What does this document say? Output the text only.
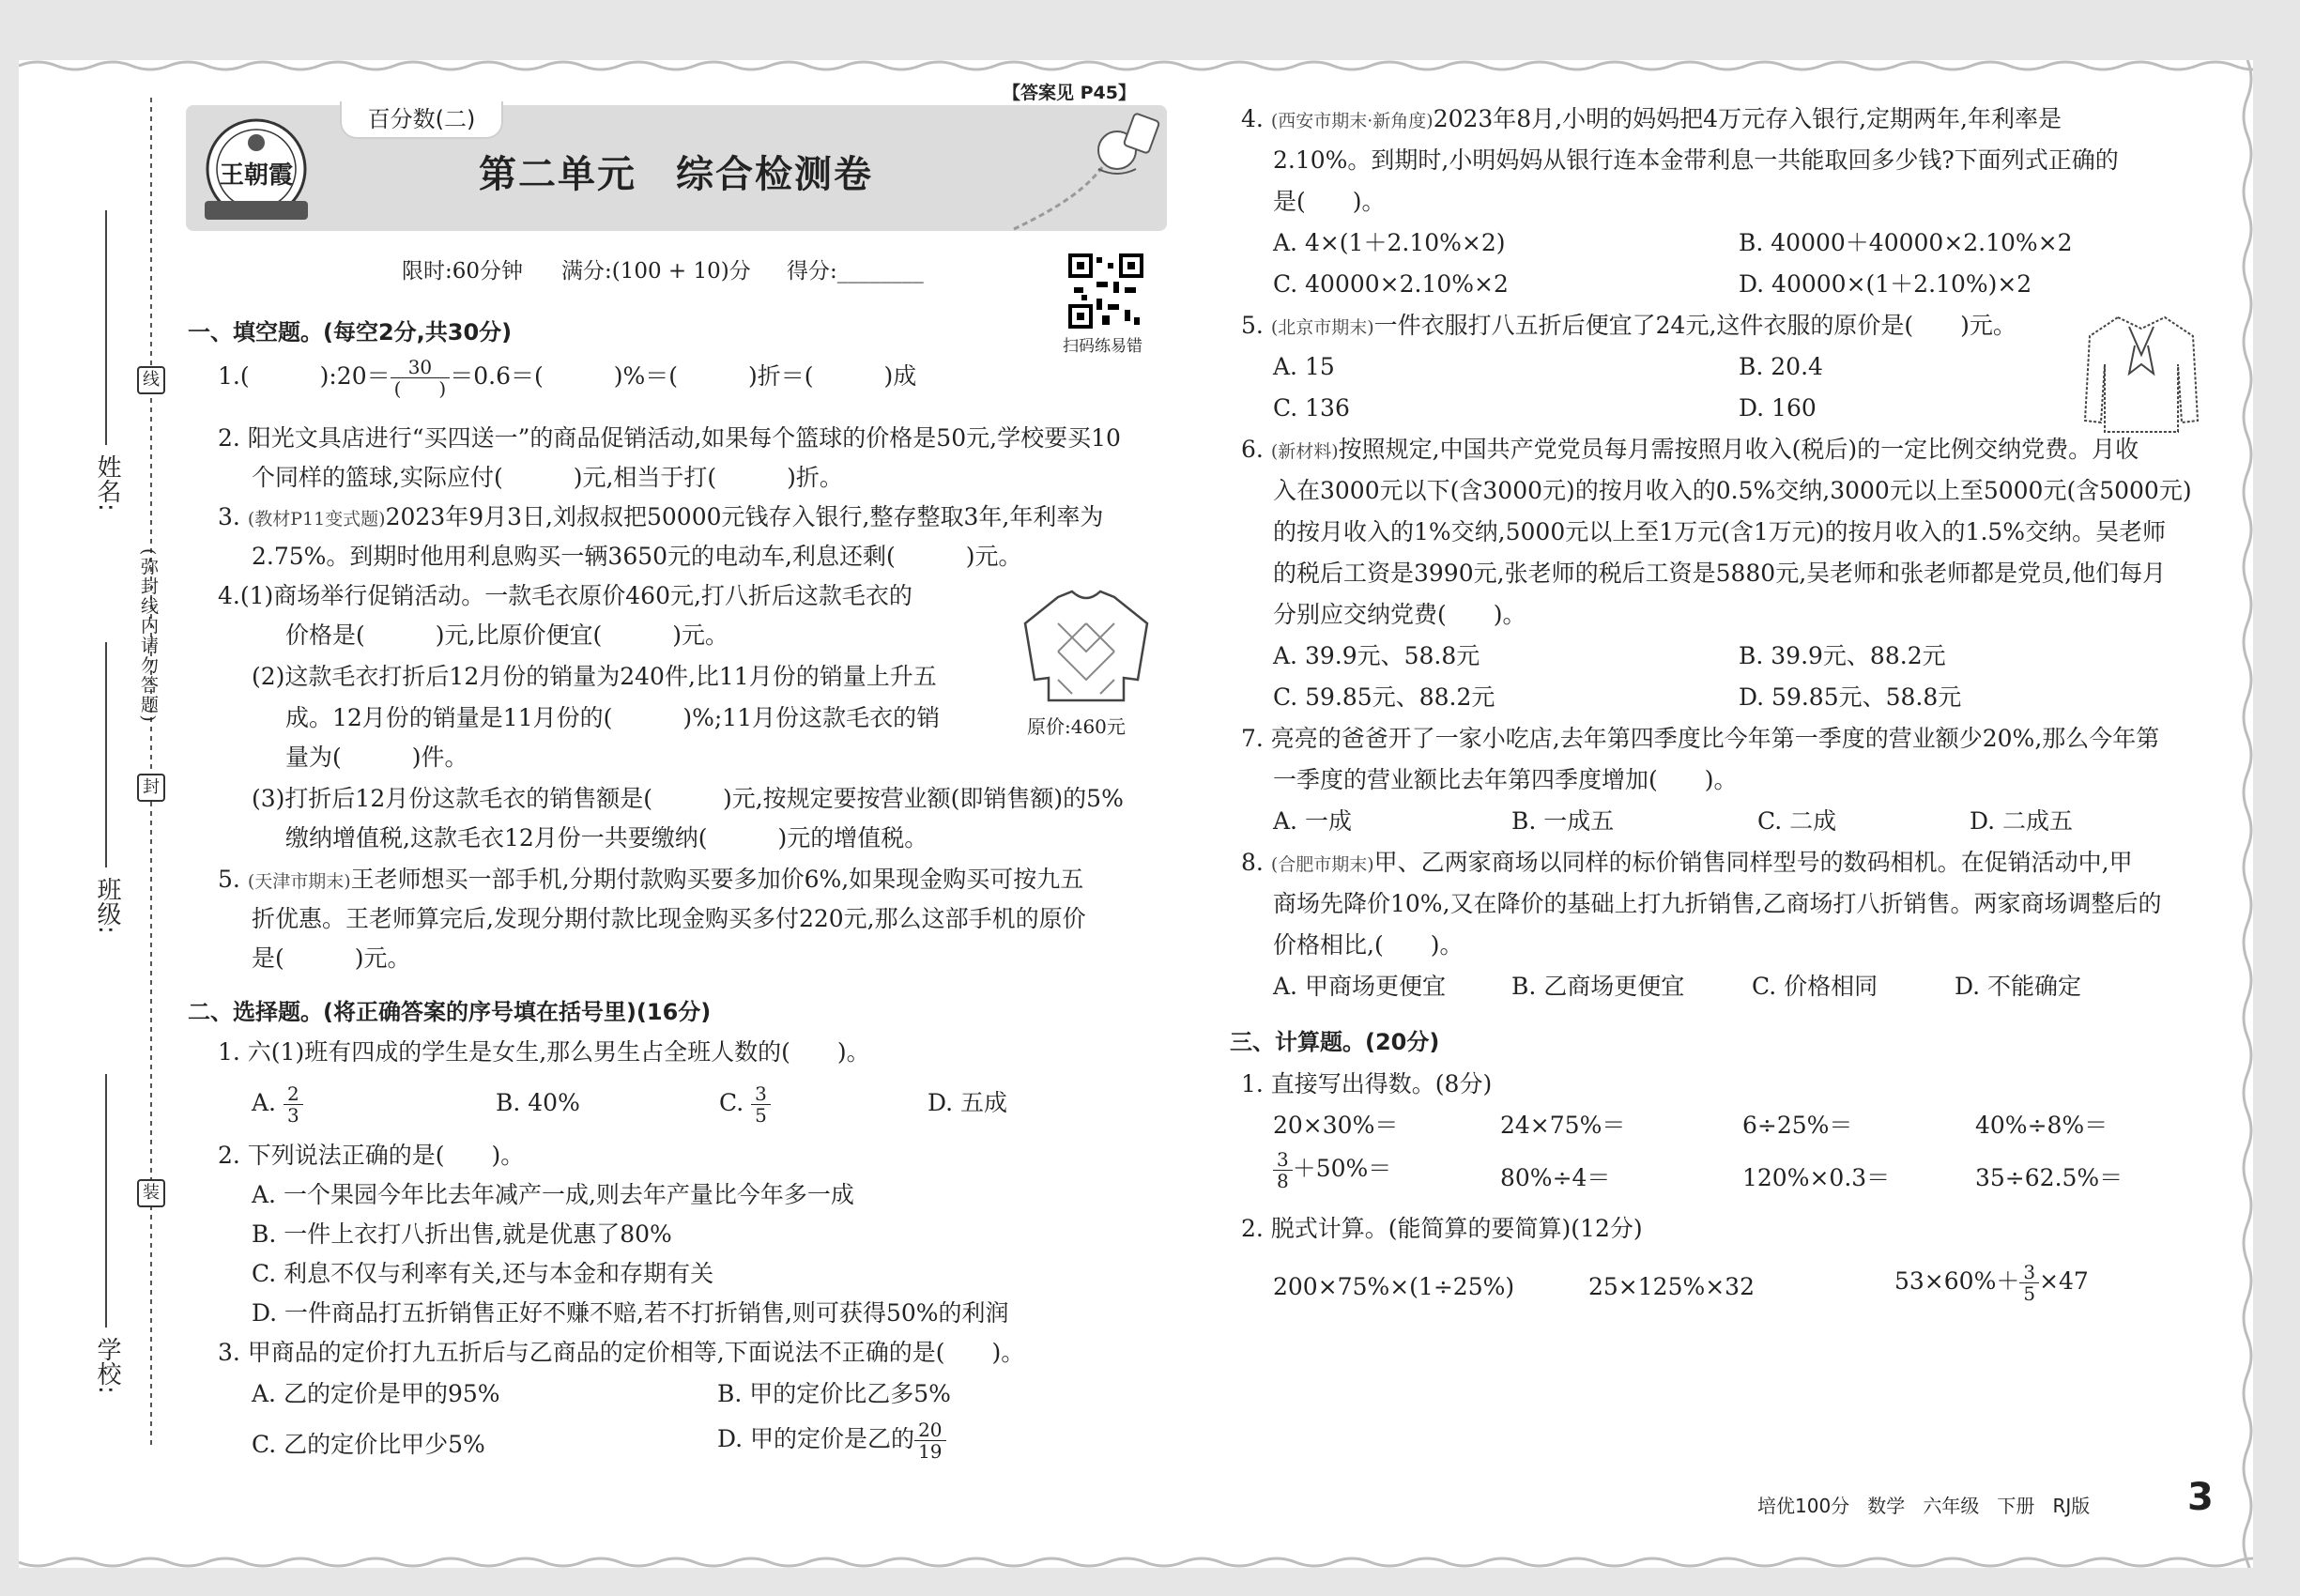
姓名:
班级:
学校:
线
(弥封线内请勿答题)
封
装
王朝霞
百分数(二)
第二单元　综合检测卷
【答案见 P45】
限时:60分钟 满分:(100 + 10)分 得分:________
扫码练易错
一、填空题。(每空2分,共30分)
1.(　　　):20＝ $\frac{30}{( )} =0.6=$(　　　)%＝(　　　)折＝(　　　)成
2. 阳光文具店进行“买四送一”的商品促销活动,如果每个篮球的价格是50元,学校要买10
个同样的篮球,实际应付(　　　)元,相当于打(　　　)折。
3. (教材P11变式题)2023年9月3日,刘叔叔把50000元钱存入银行,整存整取3年,年利率为
2.75%。到期时他用利息购买一辆3650元的电动车,利息还剩(　　　)元。
4.(1)商场举行促销活动。一款毛衣原价460元,打八折后这款毛衣的
价格是(　　　)元,比原价便宜(　　　)元。
(2)这款毛衣打折后12月份的销量为240件,比11月份的销量上升五
成。12月份的销量是11月份的(　　　)%;11月份这款毛衣的销
量为(　　　)件。
(3)打折后12月份这款毛衣的销售额是(　　　)元,按规定要按营业额(即销售额)的5%
缴纳增值税,这款毛衣12月份一共要缴纳(　　　)元的增值税。
原价:460元
5. (天津市期末)王老师想买一部手机,分期付款购买要多加价6%,如果现金购买可按九五
折优惠。王老师算完后,发现分期付款比现金购买多付220元,那么这部手机的原价
是(　　　)元。
二、选择题。(将正确答案的序号填在括号里)(16分)
1. 六(1)班有四成的学生是女生,那么男生占全班人数的(　　)。
A. $\frac{2}{3}$	B. 40%	C. $\frac{3}{5}$	D. 五成
2. 下列说法正确的是(　　)。
A. 一个果园今年比去年减产一成,则去年产量比今年多一成
B. 一件上衣打八折出售,就是优惠了80%
C. 利息不仅与利率有关,还与本金和存期有关
D. 一件商品打五折销售正好不赚不赔,若不打折销售,则可获得50%的利润
3. 甲商品的定价打九五折后与乙商品的定价相等,下面说法不正确的是(　　)。
A. 乙的定价是甲的95%	B. 甲的定价比乙多5%
C. 乙的定价比甲少5%	D. 甲的定价是乙的 $\frac{20}{19}$
4. (西安市期末·新角度)2023年8月,小明的妈妈把4万元存入银行,定期两年,年利率是
2.10%。到期时,小明妈妈从银行连本金带利息一共能取回多少钱?下面列式正确的
是(　　)。
A. 4×(1＋2.10%×2)	B. 40000＋40000×2.10%×2
C. 40000×2.10%×2	D. 40000×(1＋2.10%)×2
5. (北京市期末)一件衣服打八五折后便宜了24元,这件衣服的原价是(　　)元。
A. 15	B. 20.4
C. 136	D. 160
6. (新材料)按照规定,中国共产党党员每月需按照月收入(税后)的一定比例交纳党费。月收
入在3000元以下(含3000元)的按月收入的0.5%交纳,3000元以上至5000元(含5000元)
的按月收入的1%交纳,5000元以上至1万元(含1万元)的按月收入的1.5%交纳。吴老师
的税后工资是3990元,张老师的税后工资是5880元,吴老师和张老师都是党员,他们每月
分别应交纳党费(　　)。
A. 39.9元、58.8元	B. 39.9元、88.2元
C. 59.85元、88.2元	D. 59.85元、58.8元
7. 亮亮的爸爸开了一家小吃店,去年第四季度比今年第一季度的营业额少20%,那么今年第
一季度的营业额比去年第四季度增加(　　)。
A. 一成	B. 一成五	C. 二成	D. 二成五
8. (合肥市期末)甲、乙两家商场以同样的标价销售同样型号的数码相机。在促销活动中,甲
商场先降价10%,又在降价的基础上打九折销售,乙商场打八折销售。两家商场调整后的
价格相比,(　　)。
A. 甲商场更便宜	B. 乙商场更便宜	C. 价格相同	D. 不能确定
三、计算题。(20分)
1. 直接写出得数。(8分)
20×30%＝	24×75%＝	6÷25%＝	40%÷8%＝
$\frac{3}{8} +50\%=$	80%÷4＝	120%×0.3＝	35÷62.5%＝
2. 脱式计算。(能简算的要简算)(12分)
200×75%×(1÷25%)	25×125%×32	$53\times 60\%+ \frac{3}{5} \times 47$
培优100分 数学 六年级 下册 RJ版	3
